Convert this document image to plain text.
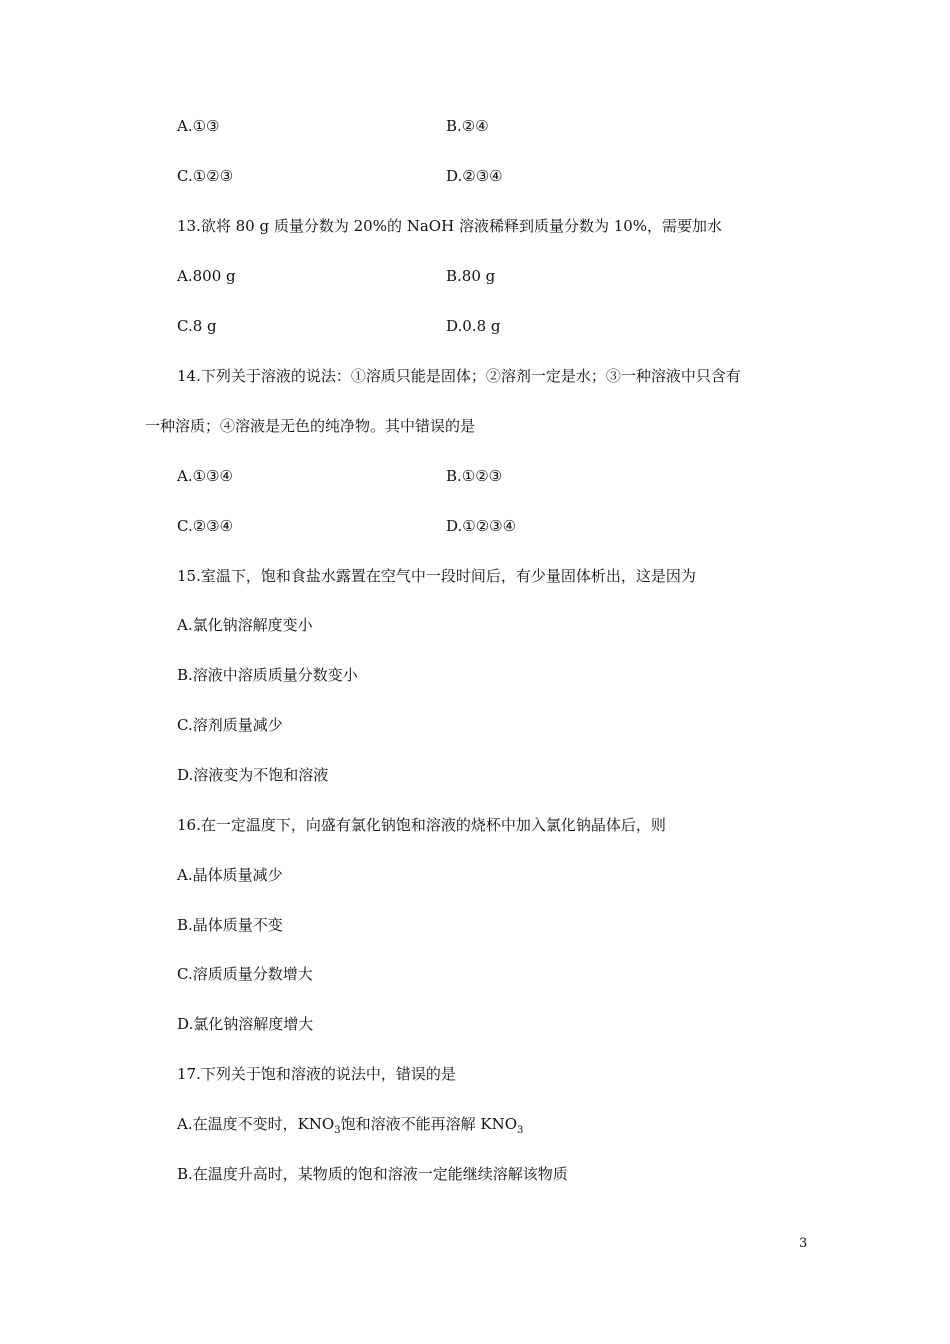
A.①③	B.②④
C.①②③	D.②③④
13.欲将 80 g 质量分数为 20%的 NaOH 溶液稀释到质量分数为 10%，需要加水
A.800 g	B.80 g
C.8 g	D.0.8 g
14.下列关于溶液的说法：①溶质只能是固体；②溶剂一定是水；③一种溶液中只含有
一种溶质；④溶液是无色的纯净物。其中错误的是
A.①③④	B.①②③
C.②③④	D.①②③④
15.室温下，饱和食盐水露置在空气中一段时间后，有少量固体析出，这是因为
A.氯化钠溶解度变小
B.溶液中溶质质量分数变小
C.溶剂质量减少
D.溶液变为不饱和溶液
16.在一定温度下，向盛有氯化钠饱和溶液的烧杯中加入氯化钠晶体后，则
A.晶体质量减少
B.晶体质量不变
C.溶质质量分数增大
D.氯化钠溶解度增大
17.下列关于饱和溶液的说法中，错误的是
A.在温度不变时，$KNO_3$饱和溶液不能再溶解 $KNO_3$
B.在温度升高时，某物质的饱和溶液一定能继续溶解该物质
3
